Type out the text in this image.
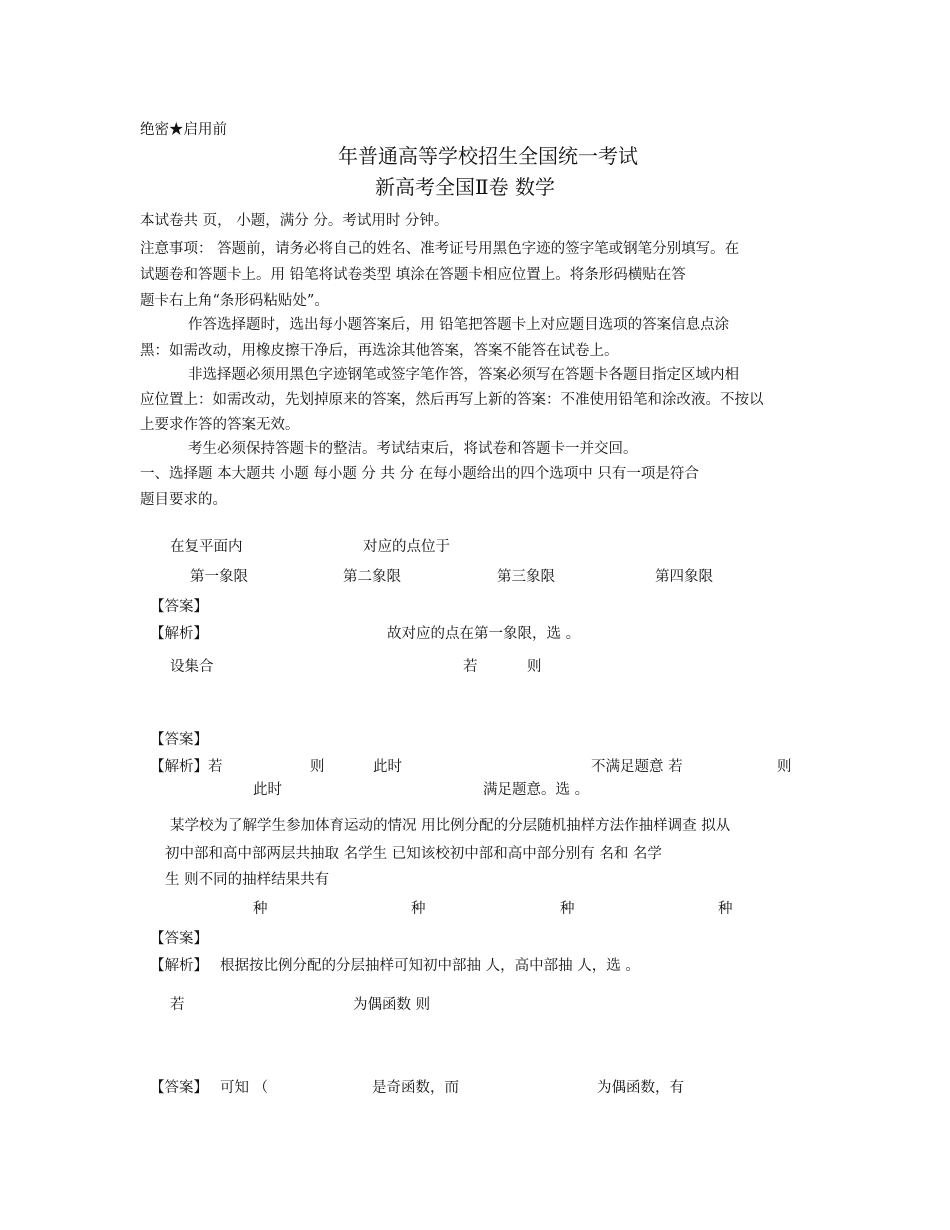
绝密★启用前
年普通高等学校招生全国统一考试
新高考全国Ⅱ卷 数学
本试卷共 页， 小题，满分 分。考试用时 分钟。
注意事项： 答题前，请务必将自己的姓名、准考证号用黑色字迹的签字笔或钢笔分别填写。在
试题卷和答题卡上。用 铅笔将试卷类型 填涂在答题卡相应位置上。将条形码横贴在答
题卡右上角“条形码粘贴处”。
作答选择题时，选出每小题答案后，用 铅笔把答题卡上对应题目选项的答案信息点涂
黑：如需改动，用橡皮擦干净后，再选涂其他答案，答案不能答在试卷上。
非选择题必须用黑色字迹钢笔或签字笔作答，答案必须写在答题卡各题目指定区域内相
应位置上：如需改动，先划掉原来的答案，然后再写上新的答案：不准使用铅笔和涂改液。不按以
上要求作答的答案无效。
考生必须保持答题卡的整洁。考试结束后，将试卷和答题卡一并交回。
一、选择题 本大题共 小题 每小题 分 共 分 在每小题给出的四个选项中 只有一项是符合
题目要求的。
在复平面内	对应的点位于
第一象限	第二象限	第三象限	第四象限
【答案】
【解析】	故对应的点在第一象限，选 。
设集合	若	则
【答案】
【解析】若	则	此时	不满足题意 若	则
此时	满足题意。选 。
某学校为了解学生参加体育运动的情况 用比例分配的分层随机抽样方法作抽样调查 拟从
初中部和高中部两层共抽取 名学生 已知该校初中部和高中部分别有 名和 名学
生 则不同的抽样结果共有
种	种	种	种
【答案】
【解析】 根据按比例分配的分层抽样可知初中部抽 人，高中部抽 人，选 。
若	为偶函数 则
【答案】 可知 （	是奇函数，而	为偶函数，有
